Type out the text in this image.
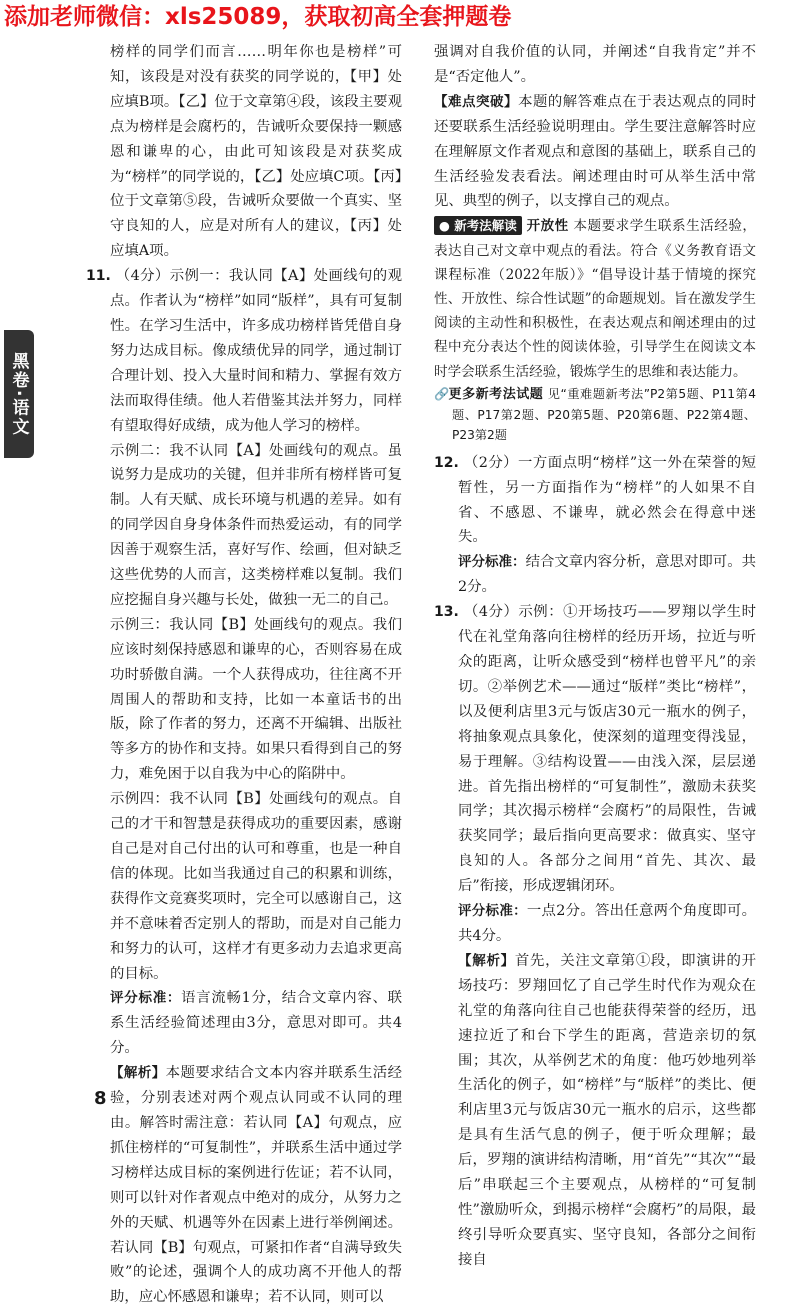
添加老师微信：xls25089，获取初高全套押题卷
黑卷·语文

榜样的同学们而言……明年你也是榜样”可知，该段是对没有获奖的同学说的，【甲】处应填B项。【乙】位于文章第④段，该段主要观点为榜样是会腐朽的，告诫听众要保持一颗感恩和谦卑的心，由此可知该段是对获奖成为“榜样”的同学说的，【乙】处应填C项。【丙】位于文章第⑤段，告诫听众要做一个真实、坚守良知的人，应是对所有人的建议，【丙】处应填A项。

11. （4分）示例一：我认同【A】处画线句的观点。作者认为“榜样”如同“版样”，具有可复制性。在学习生活中，许多成功榜样皆凭借自身努力达成目标。像成绩优异的同学，通过制订合理计划、投入大量时间和精力、掌握有效方法而取得佳绩。他人若借鉴其法并努力，同样有望取得好成绩，成为他人学习的榜样。

示例二：我不认同【A】处画线句的观点。虽说努力是成功的关键，但并非所有榜样皆可复制。人有天赋、成长环境与机遇的差异。如有的同学因自身身体条件而热爱运动，有的同学因善于观察生活，喜好写作、绘画，但对缺乏这些优势的人而言，这类榜样难以复制。我们应挖掘自身兴趣与长处，做独一无二的自己。

示例三：我认同【B】处画线句的观点。我们应该时刻保持感恩和谦卑的心，否则容易在成功时骄傲自满。一个人获得成功，往往离不开周围人的帮助和支持，比如一本童话书的出版，除了作者的努力，还离不开编辑、出版社等多方的协作和支持。如果只看得到自己的努力，难免困于以自我为中心的陷阱中。

示例四：我不认同【B】处画线句的观点。自己的才干和智慧是获得成功的重要因素，感谢自己是对自己付出的认可和尊重，也是一种自信的体现。比如当我通过自己的积累和训练，获得作文竞赛奖项时，完全可以感谢自己，这并不意味着否定别人的帮助，而是对自己能力和努力的认可，这样才有更多动力去追求更高的目标。

评分标准：语言流畅1分，结合文章内容、联系生活经验简述理由3分，意思对即可。共4分。

【解析】本题要求结合文本内容并联系生活经验，分别表述对两个观点认同或不认同的理由。解答时需注意：若认同【A】句观点，应抓住榜样的“可复制性”，并联系生活中通过学习榜样达成目标的案例进行佐证；若不认同，则可以针对作者观点中绝对的成分，从努力之外的天赋、机遇等外在因素上进行举例阐述。若认同【B】句观点，可紧扣作者“自满导致失败”的论述，强调个人的成功离不开他人的帮助，应心怀感恩和谦卑；若不认同，则可以

强调对自我价值的认同，并阐述“自我肯定”并不是“否定他人”。

【难点突破】本题的解答难点在于表达观点的同时还要联系生活经验说明理由。学生要注意解答时应在理解原文作者观点和意图的基础上，联系自己的生活经验发表看法。阐述理由时可从举生活中常见、典型的例子，以支撑自己的观点。

● 新考法解读 开放性 本题要求学生联系生活经验，表达自己对文章中观点的看法。符合《义务教育语文课程标准（2022年版）》“倡导设计基于情境的探究性、开放性、综合性试题”的命题规划。旨在激发学生阅读的主动性和积极性，在表达观点和阐述理由的过程中充分表达个性的阅读体验，引导学生在阅读文本时学会联系生活经验，锻炼学生的思维和表达能力。

🔗更多新考法试题 见“重难题新考法”P2第5题、P11第4题、P17第2题、P20第5题、P20第6题、P22第4题、P23第2题

12. （2分）一方面点明“榜样”这一外在荣誉的短暂性，另一方面指作为“榜样”的人如果不自省、不感恩、不谦卑，就必然会在得意中迷失。

评分标准：结合文章内容分析，意思对即可。共2分。

13. （4分）示例：①开场技巧——罗翔以学生时代在礼堂角落向往榜样的经历开场，拉近与听众的距离，让听众感受到“榜样也曾平凡”的亲切。②举例艺术——通过“版样”类比“榜样”，以及便利店里3元与饭店30元一瓶水的例子，将抽象观点具象化，使深刻的道理变得浅显，易于理解。③结构设置——由浅入深，层层递进。首先指出榜样的“可复制性”，激励未获奖同学；其次揭示榜样“会腐朽”的局限性，告诫获奖同学；最后指向更高要求：做真实、坚守良知的人。各部分之间用“首先、其次、最后”衔接，形成逻辑闭环。

评分标准：一点2分。答出任意两个角度即可。共4分。

【解析】首先，关注文章第①段，即演讲的开场技巧：罗翔回忆了自己学生时代作为观众在礼堂的角落向往自己也能获得荣誉的经历，迅速拉近了和台下学生的距离，营造亲切的氛围；其次，从举例艺术的角度：他巧妙地列举生活化的例子，如“榜样”与“版样”的类比、便利店里3元与饭店30元一瓶水的启示，这些都是具有生活气息的例子，便于听众理解；最后，罗翔的演讲结构清晰，用“首先”“其次”“最后”串联起三个主要观点，从榜样的“可复制性”激励听众，到揭示榜样“会腐朽”的局限，最终引导听众要真实、坚守良知，各部分之间衔接自

8
